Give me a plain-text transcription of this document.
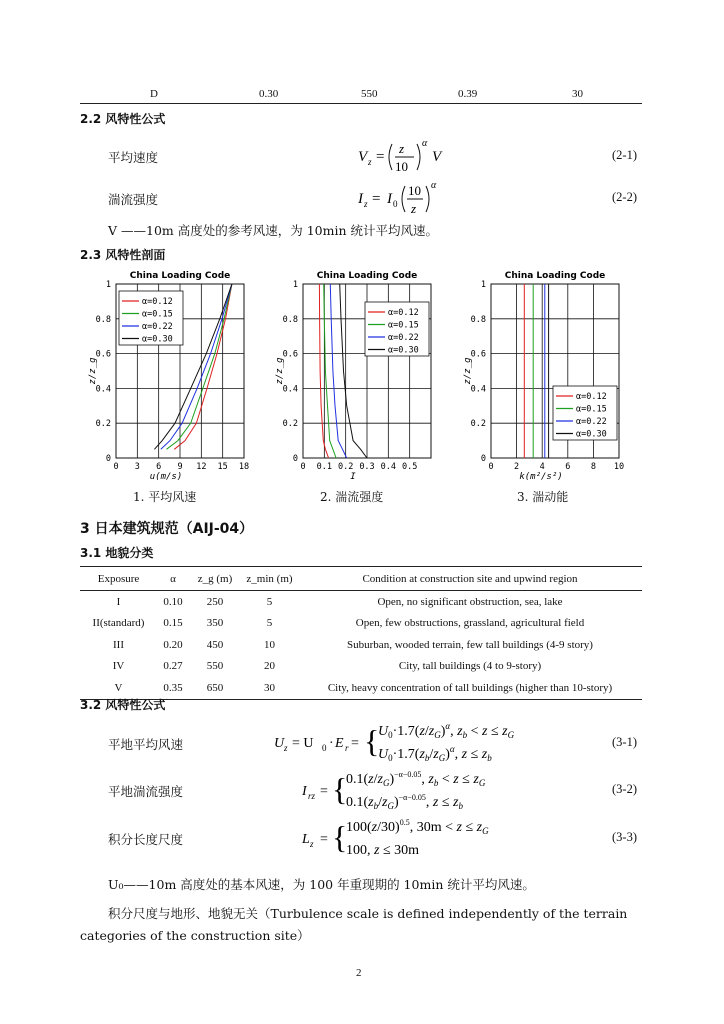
D	0.30	550	0.39	30
2.2 风特性公式
平均速度	V z =
z
10
α
V	(2-1)
湍流强度	I z = I 0
10
z
α
(2-2)
V ——10m 高度处的参考风速，为 10min 统计平均风速。
2.3 风特性剖面
China Loading Code
0 3 6 9 12 15 18
0
0.2
0.4
0.6
0.8
1
u(m/s)
z/z_g
α=0.12
α=0.15
α=0.22
α=0.30
China Loading Code
0 0.1 0.2 0.3 0.4 0.5
0
0.2
0.4
0.6
0.8
1
I
z/z_g
α=0.12
α=0.15
α=0.22
α=0.30
China Loading Code
0 2 4 6 8 10
0
0.2
0.4
0.6
0.8
1
k(m²/s²)
z/z_g
α=0.12
α=0.15
α=0.22
α=0.30
1. 平均风速	2. 湍流强度	3. 湍动能
3 日本建筑规范（AIJ-04）
3.1 地貌分类
Exposure	α	z_g (m)	z_min (m)	Condition at construction site and upwind region
I	0.10	250	5	Open, no significant obstruction, sea, lake
II(standard)	0.15	350	5	Open, few obstructions, grassland, agricultural field
III	0.20	450	10	Suburban, wooded terrain, few tall buildings (4-9 story)
IV	0.27	550	20	City, tall buildings (4 to 9-story)
V	0.35	650	30	City, heavy concentration of tall buildings (higher than 10-story)
3.2 风特性公式
平地平均风速	U z = U 0 · E r = {
$U_0\cdot 1.7(z/z_G)^\alpha$, $z_b < z \le z_G$
$U_0\cdot 1.7(z_b/z_G)^\alpha$, $z \le z_b$
(3-1)
平地湍流强度	I rz = {
$0.1(z/z_G)^{-\alpha-0.05}$, $z_b < z \le z_G$
$0.1(z_b/z_G)^{-\alpha-0.05}$, $z \le z_b$
(3-2)
积分长度尺度	L z = {
$100(z/30)^{0.5}$, $30m < z \le z_G$
100, z ≤ 30m
(3-3)
U₀——10m 高度处的基本风速，为 100 年重现期的 10min 统计平均风速。
积分尺度与地形、地貌无关（Turbulence scale is defined independently of the terrain categories of the construction site）
2
